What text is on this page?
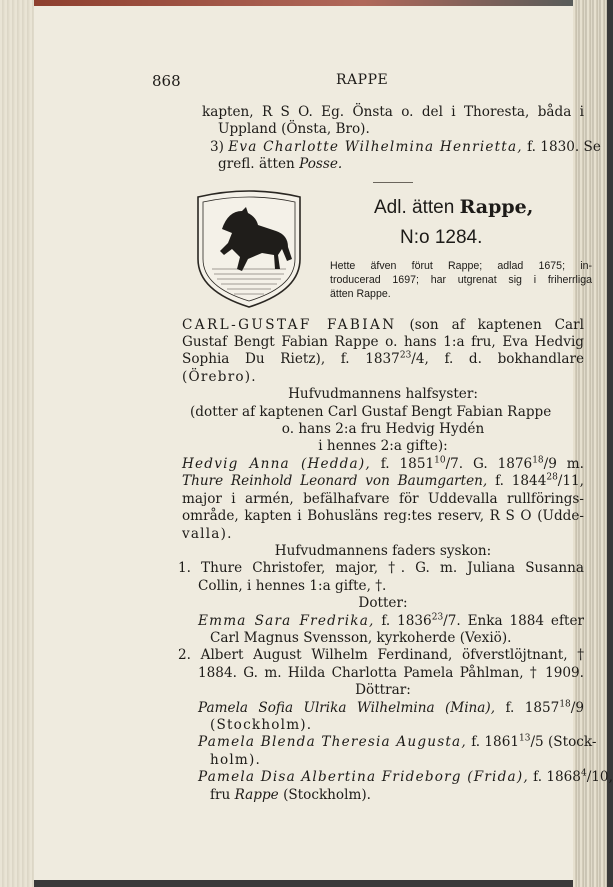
868	RAPPE
kapten, R S O. Eg. Önsta o. del i Thoresta, båda i
Uppland (Önsta, Bro).
3) Eva Charlotte Wilhelmina Henrietta, f. 1830. Se
grefl. ätten Posse.
Adl. ätten Rappe,
N:o 1284.
Hette äfven förut Rappe; adlad 1675; in-
troducerad 1697; har utgrenat sig i friherrliga
ätten Rappe.
CARL-GUSTAF FABIAN (son af kaptenen Carl
Gustaf Bengt Fabian Rappe o. hans 1:a fru, Eva Hedvig
Sophia Du Rietz), f. 1837$^{23}$/4, f. d. bokhandlare
(Örebro).
Hufvudmannens halfsyster:
(dotter af kaptenen Carl Gustaf Bengt Fabian Rappe
o. hans 2:a fru Hedvig Hydén
i hennes 2:a gifte):
Hedvig Anna (Hedda), f. 1851$^{10}$/7. G. 1876$^{18}$/9 m.
Thure Reinhold Leonard von Baumgarten, f. 1844$^{28}$/11,
major i armén, befälhafvare för Uddevalla rullförings-
område, kapten i Bohusläns reg:tes reserv, R S O (Udde-
valla).
Hufvudmannens faders syskon:
1. Thure Christofer, major, †. G. m. Juliana Susanna
Collin, i hennes 1:a gifte, †.
Dotter:
Emma Sara Fredrika, f. 1836$^{23}$/7. Enka 1884 efter
Carl Magnus Svensson, kyrkoherde (Vexiö).
2. Albert August Wilhelm Ferdinand, öfverstlöjtnant, †
1884. G. m. Hilda Charlotta Pamela Påhlman, † 1909.
Döttrar:
Pamela Sofia Ulrika Wilhelmina (Mina), f. 1857$^{18}$/9
(Stockholm).
Pamela Blenda Theresia Augusta, f. 1861$^{13}$/5 (Stock-
holm).
Pamela Disa Albertina Frideborg (Frida), f. 1868$^4$/10,
fru Rappe (Stockholm).
